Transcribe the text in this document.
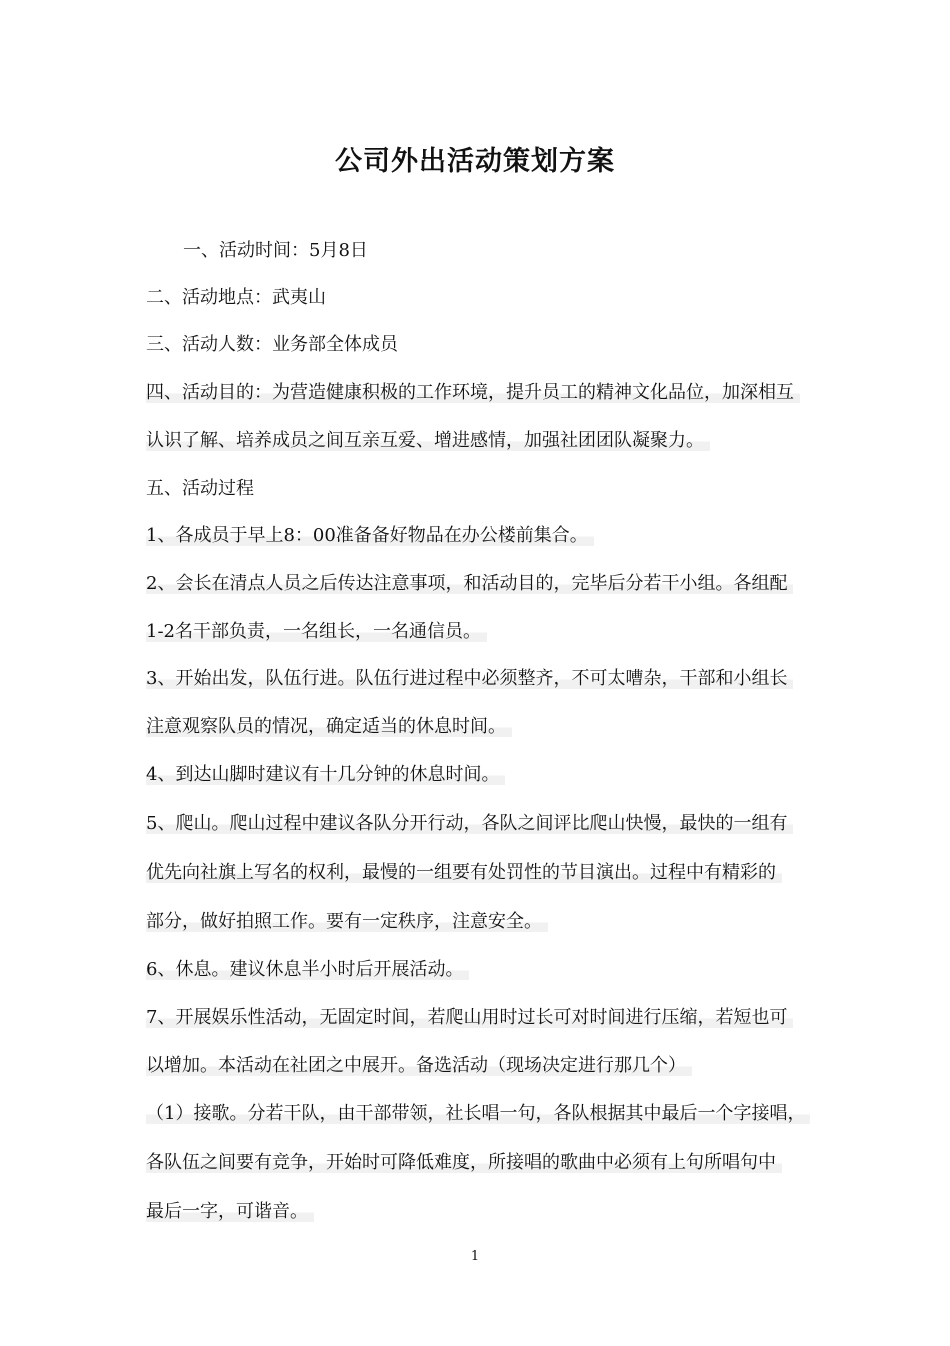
公司外出活动策划方案
一、活动时间：5月8日
二、活动地点：武夷山
三、活动人数：业务部全体成员
四、活动目的：为营造健康积极的工作环境，提升员工的精神文化品位，加深相互
认识了解、培养成员之间互亲互爱、增进感情，加强社团团队凝聚力。
五、活动过程
1、各成员于早上8：00准备备好物品在办公楼前集合。
2、会长在清点人员之后传达注意事项，和活动目的，完毕后分若干小组。各组配
1-2名干部负责，一名组长，一名通信员。
3、开始出发，队伍行进。队伍行进过程中必须整齐，不可太嘈杂，干部和小组长
注意观察队员的情况，确定适当的休息时间。
4、到达山脚时建议有十几分钟的休息时间。
5、爬山。爬山过程中建议各队分开行动，各队之间评比爬山快慢，最快的一组有
优先向社旗上写名的权利，最慢的一组要有处罚性的节目演出。过程中有精彩的
部分，做好拍照工作。要有一定秩序，注意安全。
6、休息。建议休息半小时后开展活动。
7、开展娱乐性活动，无固定时间，若爬山用时过长可对时间进行压缩，若短也可
以增加。本活动在社团之中展开。备选活动（现场决定进行那几个）
（1）接歌。分若干队，由干部带领，社长唱一句，各队根据其中最后一个字接唱，
各队伍之间要有竞争，开始时可降低难度，所接唱的歌曲中必须有上句所唱句中
最后一字，可谐音。
1
